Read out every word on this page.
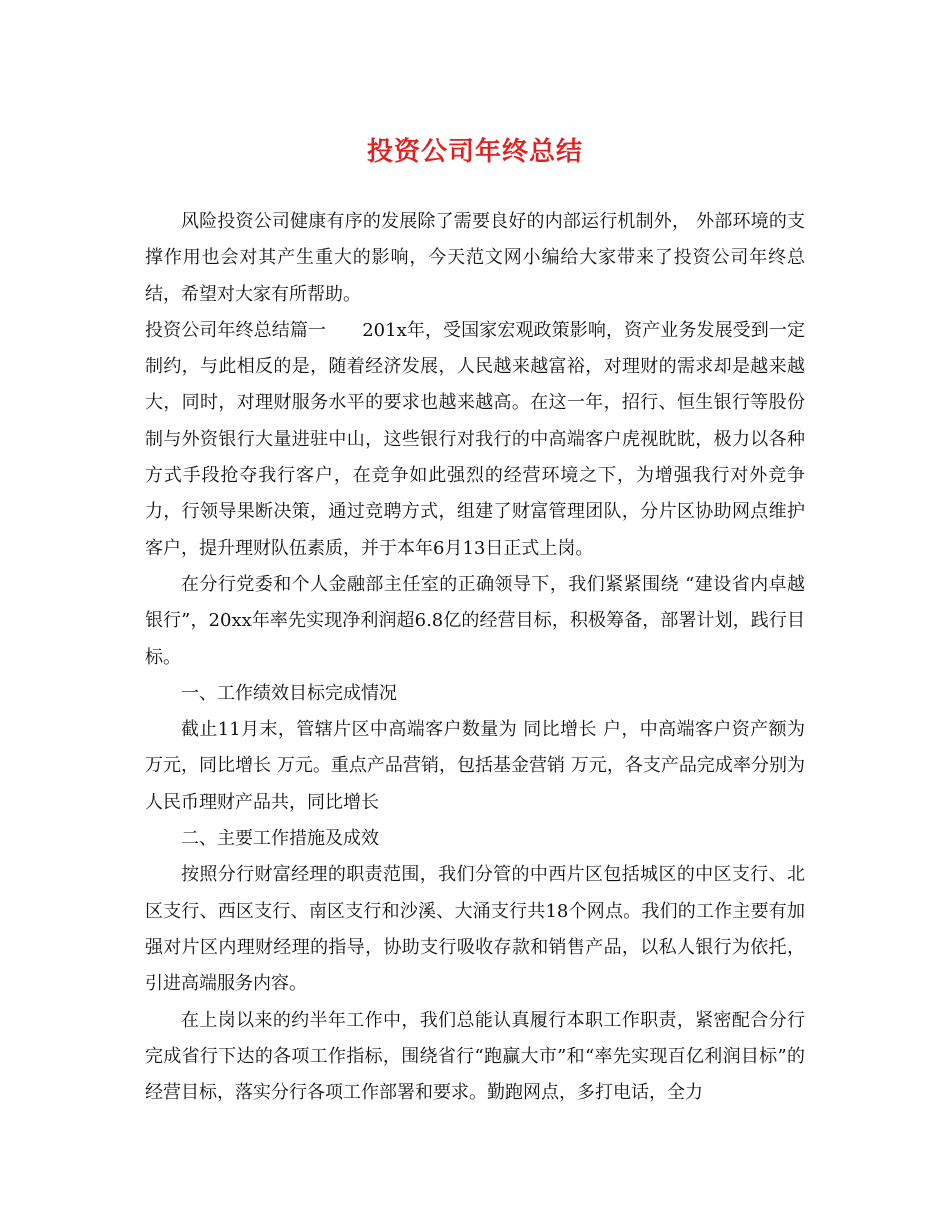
投资公司年终总结

风险投资公司健康有序的发展除了需要良好的内部运行机制外， 外部环境的支撑作用也会对其产生重大的影响，今天范文网小编给大家带来了投资公司年终总结，希望对大家有所帮助。

投资公司年终总结篇一　　201x年，受国家宏观政策影响，资产业务发展受到一定制约，与此相反的是，随着经济发展，人民越来越富裕，对理财的需求却是越来越大，同时，对理财服务水平的要求也越来越高。在这一年，招行、恒生银行等股份制与外资银行大量进驻中山，这些银行对我行的中高端客户虎视眈眈，极力以各种方式手段抢夺我行客户，在竞争如此强烈的经营环境之下，为增强我行对外竞争力，行领导果断决策，通过竞聘方式，组建了财富管理团队，分片区协助网点维护客户，提升理财队伍素质，并于本年6月13日正式上岗。

在分行党委和个人金融部主任室的正确领导下，我们紧紧围绕 “建设省内卓越银行”，20xx年率先实现净利润超6.8亿的经营目标，积极筹备，部署计划，践行目标。

一、工作绩效目标完成情况

截止11月末，管辖片区中高端客户数量为 同比增长 户，中高端客户资产额为 万元，同比增长 万元。重点产品营销，包括基金营销 万元，各支产品完成率分别为 人民币理财产品共，同比增长

二、主要工作措施及成效

按照分行财富经理的职责范围，我们分管的中西片区包括城区的中区支行、北区支行、西区支行、南区支行和沙溪、大涌支行共18个网点。我们的工作主要有加强对片区内理财经理的指导，协助支行吸收存款和销售产品，以私人银行为依托，引进高端服务内容。

在上岗以来的约半年工作中，我们总能认真履行本职工作职责，紧密配合分行完成省行下达的各项工作指标，围绕省行“跑赢大市”和“率先实现百亿利润目标”的经营目标，落实分行各项工作部署和要求。勤跑网点，多打电话，全力
